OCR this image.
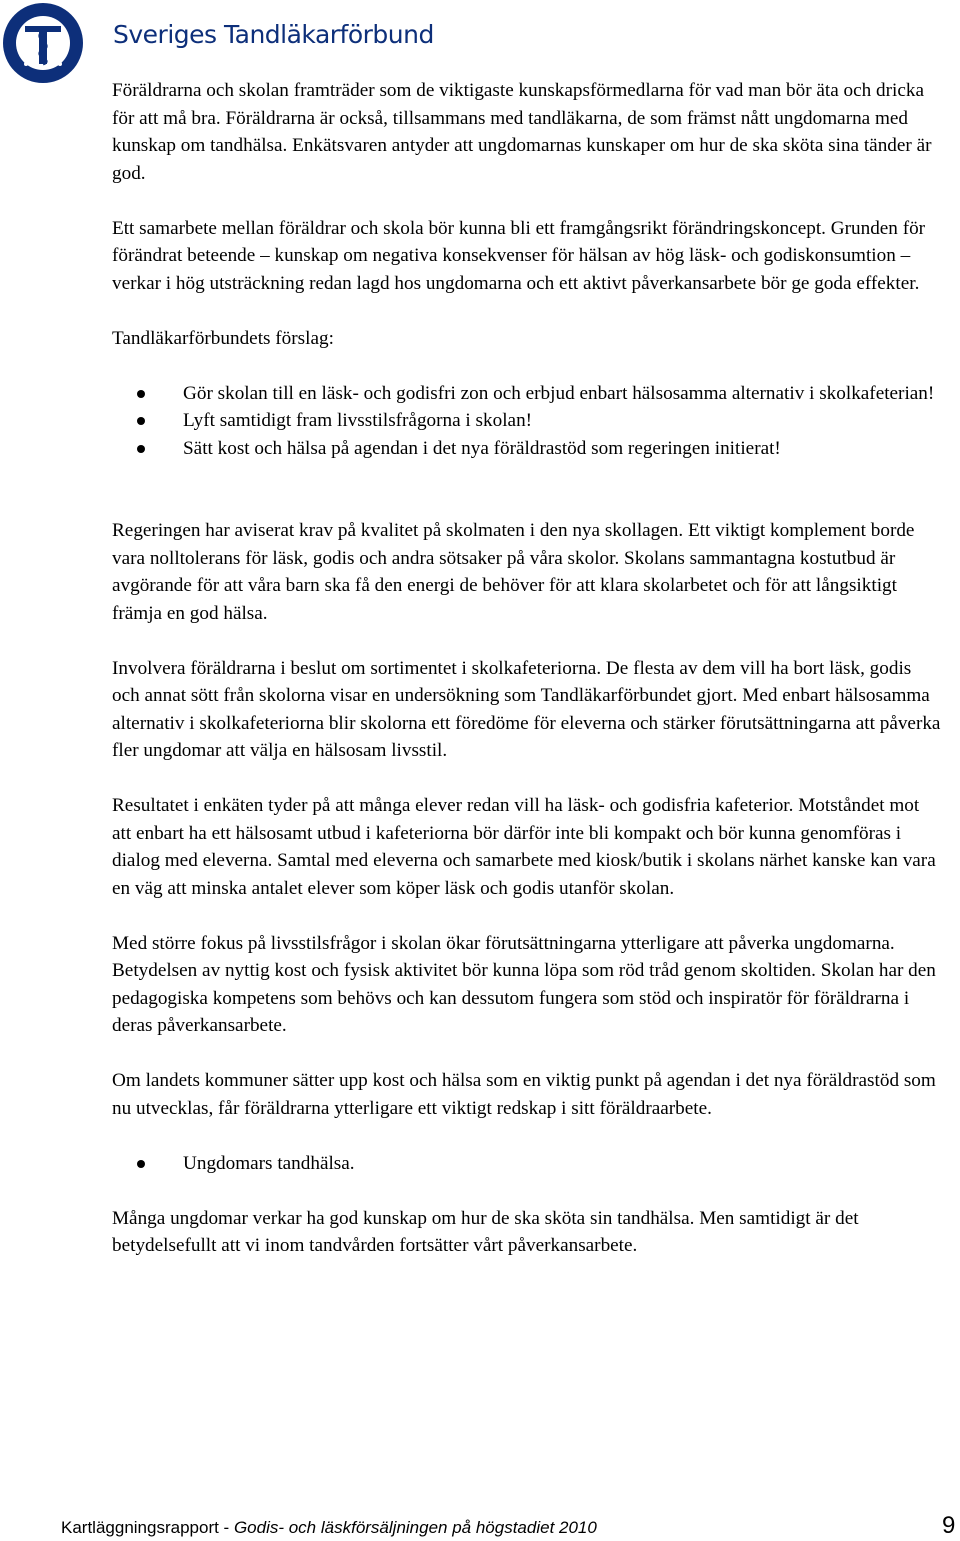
Sveriges Tandläkarförbund

Föräldrarna och skolan framträder som de viktigaste kunskapsförmedlarna för vad man bör äta och dricka för att må bra. Föräldrarna är också, tillsammans med tandläkarna, de som främst nått ungdomarna med kunskap om tandhälsa. Enkätsvaren antyder att ungdomarnas kunskaper om hur de ska sköta sina tänder är god.

Ett samarbete mellan föräldrar och skola bör kunna bli ett framgångsrikt förändringskoncept. Grunden för förändrat beteende – kunskap om negativa konsekvenser för hälsan av hög läsk- och godiskonsumtion – verkar i hög utsträckning redan lagd hos ungdomarna och ett aktivt påverkansarbete bör ge goda effekter.

Tandläkarförbundets förslag:

Gör skolan till en läsk- och godisfri zon och erbjud enbart hälsosamma alternativ i skolkafeterian!
Lyft samtidigt fram livsstilsfrågorna i skolan!
Sätt kost och hälsa på agendan i det nya föräldrastöd som regeringen initierat!

Regeringen har aviserat krav på kvalitet på skolmaten i den nya skollagen. Ett viktigt komplement borde vara nolltolerans för läsk, godis och andra sötsaker på våra skolor. Skolans sammantagna kostutbud är avgörande för att våra barn ska få den energi de behöver för att klara skolarbetet och för att långsiktigt främja en god hälsa.

Involvera föräldrarna i beslut om sortimentet i skolkafeteriorna. De flesta av dem vill ha bort läsk, godis och annat sött från skolorna visar en undersökning som Tandläkarförbundet gjort. Med enbart hälsosamma alternativ i skolkafeteriorna blir skolorna ett föredöme för eleverna och stärker förutsättningarna att påverka fler ungdomar att välja en hälsosam livsstil.

Resultatet i enkäten tyder på att många elever redan vill ha läsk- och godisfria kafeterior. Motståndet mot att enbart ha ett hälsosamt utbud i kafeteriorna bör därför inte bli kompakt och bör kunna genomföras i dialog med eleverna. Samtal med eleverna och samarbete med kiosk/butik i skolans närhet kanske kan vara en väg att minska antalet elever som köper läsk och godis utanför skolan.

Med större fokus på livsstilsfrågor i skolan ökar förutsättningarna ytterligare att påverka ungdomarna. Betydelsen av nyttig kost och fysisk aktivitet bör kunna löpa som röd tråd genom skoltiden. Skolan har den pedagogiska kompetens som behövs och kan dessutom fungera som stöd och inspiratör för föräldrarna i deras påverkansarbete.

Om landets kommuner sätter upp kost och hälsa som en viktig punkt på agendan i det nya föräldrastöd som nu utvecklas, får föräldrarna ytterligare ett viktigt redskap i sitt föräldraarbete.

Ungdomars tandhälsa.

Många ungdomar verkar ha god kunskap om hur de ska sköta sin tandhälsa. Men samtidigt är det betydelsefullt att vi inom tandvården fortsätter vårt påverkansarbete.

Kartläggningsrapport - Godis- och läskförsäljningen på högstadiet 2010	9
